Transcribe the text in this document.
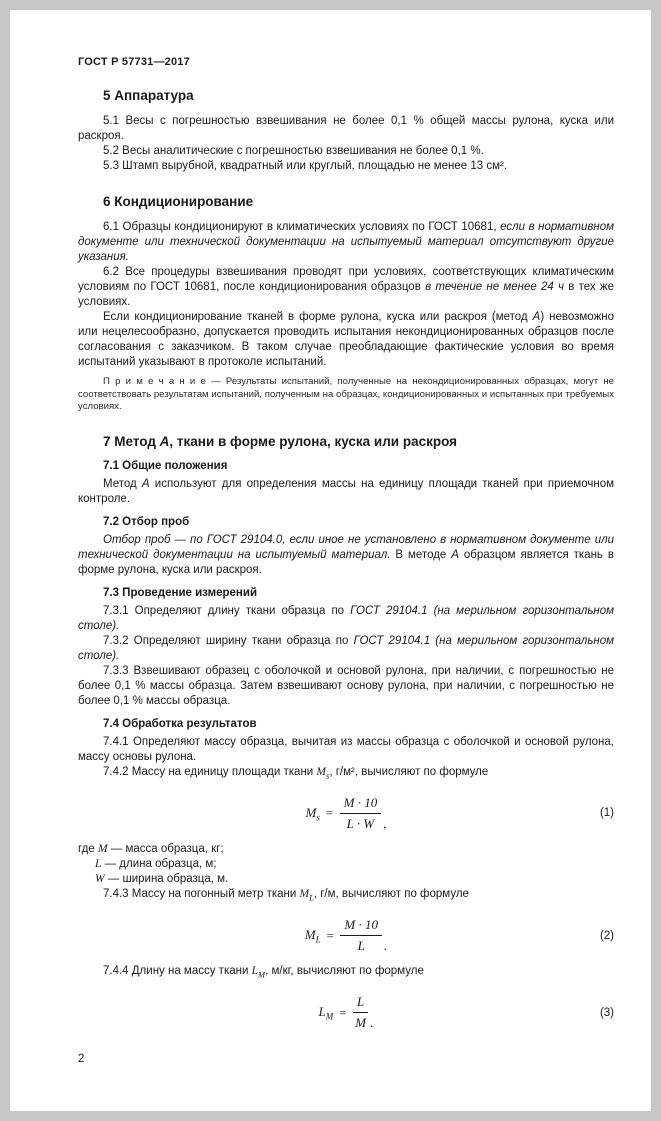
ГОСТ Р 57731—2017
5 Аппаратура

5.1 Весы с погрешностью взвешивания не более 0,1 % общей массы рулона, куска или раскроя.

5.2 Весы аналитические с погрешностью взвешивания не более 0,1 %.

5.3 Штамп вырубной, квадратный или круглый, площадью не менее 13 см².

6 Кондиционирование

6.1 Образцы кондиционируют в климатических условиях по ГОСТ 10681, если в нормативном документе или технической документации на испытуемый материал отсутствуют другие указания.

6.2 Все процедуры взвешивания проводят при условиях, соответствующих климатическим условиям по ГОСТ 10681, после кондиционирования образцов в течение не менее 24 ч в тех же условиях.

Если кондиционирование тканей в форме рулона, куска или раскроя (метод А) невозможно или нецелесообразно, допускается проводить испытания некондиционированных образцов после согласования с заказчиком. В таком случае преобладающие фактические условия во время испытаний указывают в протоколе испытаний.

П р и м е ч а н и е — Результаты испытаний, полученные на некондиционированных образцах, могут не соответствовать результатам испытаний, полученным на образцах, кондиционированных и испытанных при требуемых условиях.

7 Метод А, ткани в форме рулона, куска или раскроя
7.1 Общие положения

Метод А используют для определения массы на единицу площади тканей при приемочном контроле.

7.2 Отбор проб

Отбор проб — по ГОСТ 29104.0, если иное не установлено в нормативном документе или технической документации на испытуемый материал. В методе А образцом является ткань в форме рулона, куска или раскроя.

7.3 Проведение измерений

7.3.1 Определяют длину ткани образца по ГОСТ 29104.1 (на мерильном горизонтальном столе).

7.3.2 Определяют ширину ткани образца по ГОСТ 29104.1 (на мерильном горизонтальном столе).

7.3.3 Взвешивают образец с оболочкой и основой рулона, при наличии, с погрешностью не более 0,1 % массы образца. Затем взвешивают основу рулона, при наличии, с погрешностью не более 0,1 % массы образца.

7.4 Обработка результатов

7.4.1 Определяют массу образца, вычитая из массы образца с оболочкой и основой рулона, массу основы рулона.

7.4.2 Массу на единицу площади ткани $M_s$, г/м², вычисляют по формуле

$M_s = \frac{M \cdot 10}{L \cdot W}$ ,
(1)

где M — масса образца, кг;

L — длина образца, м;

W — ширина образца, м.

7.4.3 Массу на погонный метр ткани $M_L$, г/м, вычисляют по формуле

$M_L = \frac{M \cdot 10}{L}$ .
(2)

7.4.4 Длину на массу ткани $L_M$, м/кг, вычисляют по формуле

$L_M = \frac{L}{M}$ .
(3)
2
